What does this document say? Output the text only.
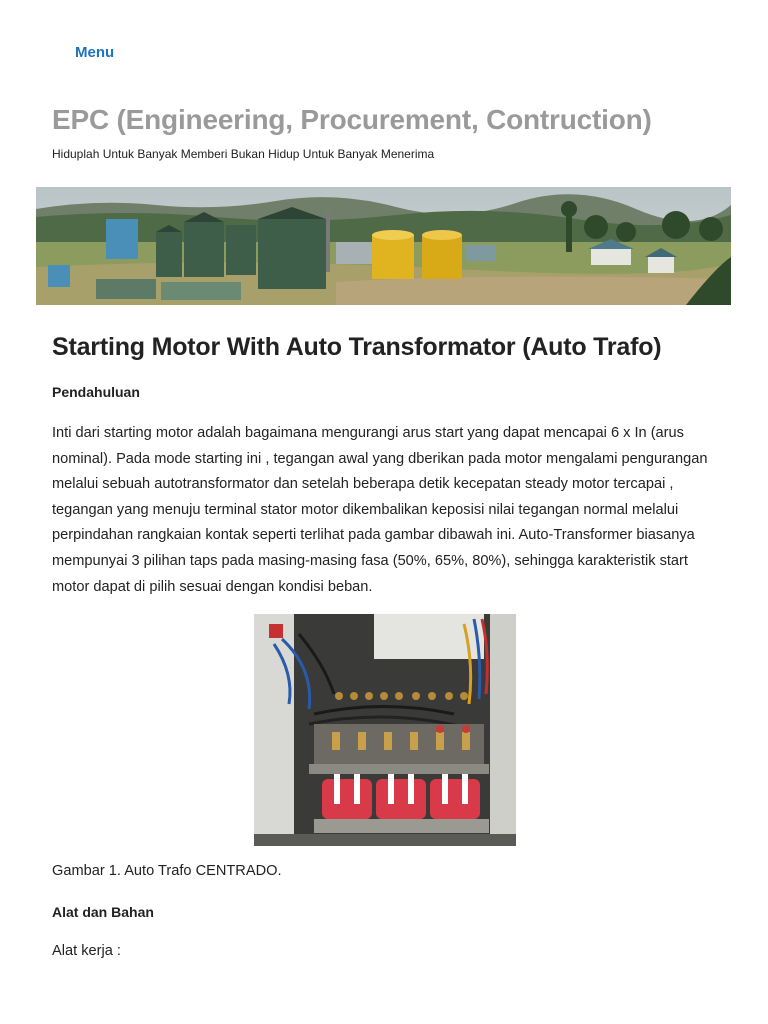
Menu
EPC (Engineering, Procurement, Contruction)
Hiduplah Untuk Banyak Memberi Bukan Hidup Untuk Banyak Menerima
Starting Motor With Auto Transformator (Auto Trafo)
Pendahuluan
Inti dari starting motor adalah bagaimana mengurangi arus start yang dapat mencapai 6 x In (arus nominal). Pada mode starting ini , tegangan awal yang dberikan pada motor mengalami pengurangan melalui sebuah autotransformator dan setelah beberapa detik kecepatan steady motor tercapai , tegangan yang menuju terminal stator motor dikembalikan keposisi nilai tegangan normal melalui perpindahan rangkaian kontak seperti terlihat pada gambar dibawah ini. Auto-Transformer biasanya mempunyai 3 pilihan taps pada masing-masing fasa (50%, 65%, 80%), sehingga karakteristik start motor dapat di pilih sesuai dengan kondisi beban.
Gambar 1. Auto Trafo CENTRADO.
Alat dan Bahan
Alat kerja :
